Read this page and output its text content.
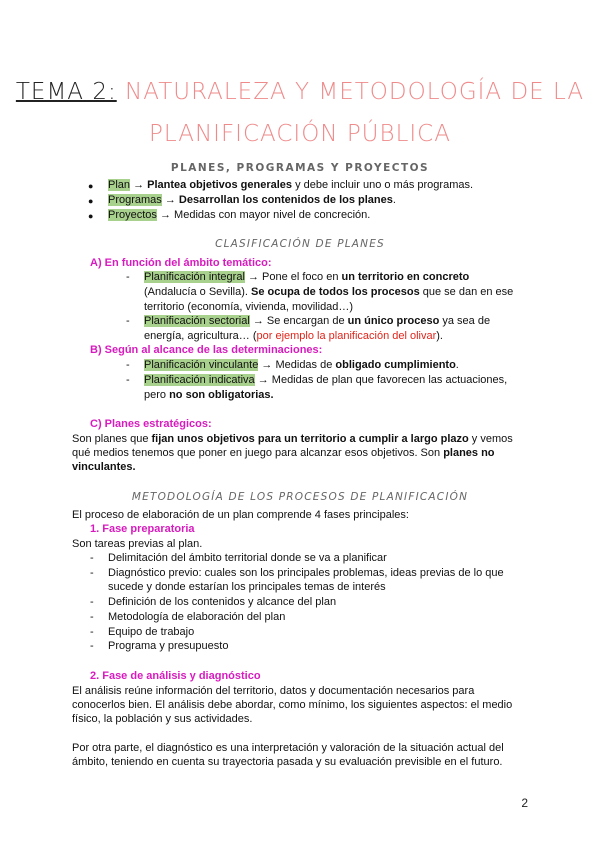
TEMA 2: NATURALEZA Y METODOLOGÍA DE LA
PLANIFICACIÓN PÚBLICA
PLANES, PROGRAMAS Y PROYECTOS
● Plan → Plantea objetivos generales y debe incluir uno o más programas.
● Programas → Desarrollan los contenidos de los planes.
● Proyectos → Medidas con mayor nivel de concreción.
CLASIFICACIÓN DE PLANES
A) En función del ámbito temático:
- Planificación integral → Pone el foco en un territorio en concreto
(Andalucía o Sevilla). Se ocupa de todos los procesos que se dan en ese
territorio (economía, vivienda, movilidad…)
- Planificación sectorial → Se encargan de un único proceso ya sea de
energía, agricultura… (por ejemplo la planificación del olivar).
B) Según al alcance de las determinaciones:
- Planificación vinculante → Medidas de obligado cumplimiento.
- Planificación indicativa → Medidas de plan que favorecen las actuaciones,
pero no son obligatorias.
C) Planes estratégicos:
Son planes que fijan unos objetivos para un territorio a cumplir a largo plazo y vemos
qué medios tenemos que poner en juego para alcanzar esos objetivos. Son planes no
vinculantes.
METODOLOGÍA DE LOS PROCESOS DE PLANIFICACIÓN
El proceso de elaboración de un plan comprende 4 fases principales:
1. Fase preparatoria
Son tareas previas al plan.
- Delimitación del ámbito territorial donde se va a planificar
- Diagnóstico previo: cuales son los principales problemas, ideas previas de lo que
sucede y donde estarían los principales temas de interés
- Definición de los contenidos y alcance del plan
- Metodología de elaboración del plan
- Equipo de trabajo
- Programa y presupuesto
2. Fase de análisis y diagnóstico
El análisis reúne información del territorio, datos y documentación necesarios para
conocerlos bien. El análisis debe abordar, como mínimo, los siguientes aspectos: el medio
físico, la población y sus actividades.
Por otra parte, el diagnóstico es una interpretación y valoración de la situación actual del
ámbito, teniendo en cuenta su trayectoria pasada y su evaluación previsible en el futuro.
2
